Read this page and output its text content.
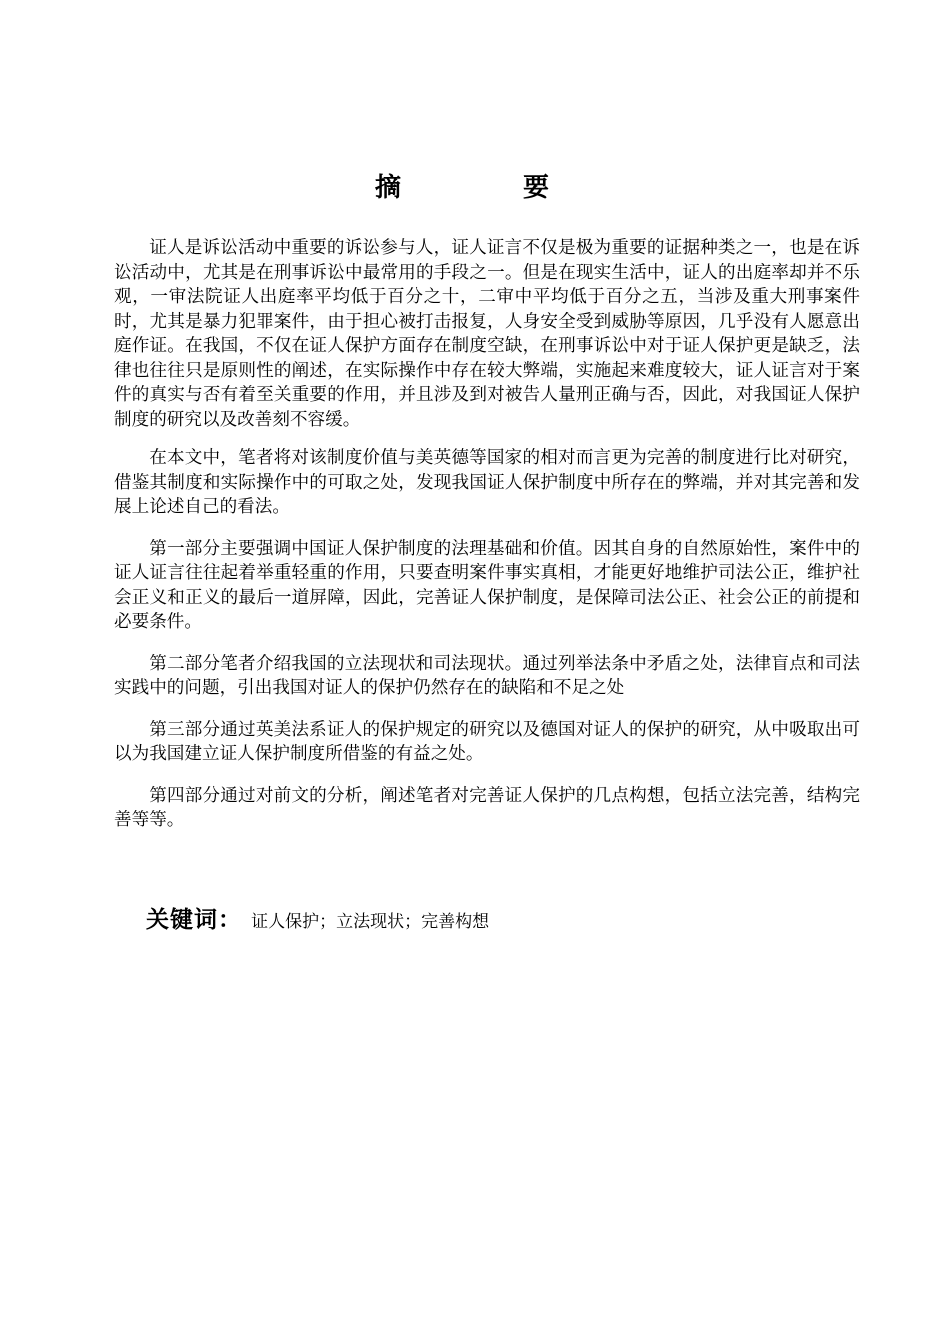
摘　要

证人是诉讼活动中重要的诉讼参与人，证人证言不仅是极为重要的证据种类之一，也是在诉讼活动中，尤其是在刑事诉讼中最常用的手段之一。但是在现实生活中，证人的出庭率却并不乐观，一审法院证人出庭率平均低于百分之十，二审中平均低于百分之五，当涉及重大刑事案件时，尤其是暴力犯罪案件，由于担心被打击报复，人身安全受到威胁等原因，几乎没有人愿意出庭作证。在我国，不仅在证人保护方面存在制度空缺，在刑事诉讼中对于证人保护更是缺乏，法律也往往只是原则性的阐述，在实际操作中存在较大弊端，实施起来难度较大，证人证言对于案件的真实与否有着至关重要的作用，并且涉及到对被告人量刑正确与否，因此，对我国证人保护制度的研究以及改善刻不容缓。

在本文中，笔者将对该制度价值与美英德等国家的相对而言更为完善的制度进行比对研究，借鉴其制度和实际操作中的可取之处，发现我国证人保护制度中所存在的弊端，并对其完善和发展上论述自己的看法。

第一部分主要强调中国证人保护制度的法理基础和价值。因其自身的自然原始性，案件中的证人证言往往起着举重轻重的作用，只要查明案件事实真相，才能更好地维护司法公正，维护社会正义和正义的最后一道屏障，因此，完善证人保护制度，是保障司法公正、社会公正的前提和必要条件。

第二部分笔者介绍我国的立法现状和司法现状。通过列举法条中矛盾之处，法律盲点和司法实践中的问题，引出我国对证人的保护仍然存在的缺陷和不足之处

第三部分通过英美法系证人的保护规定的研究以及德国对证人的保护的研究，从中吸取出可以为我国建立证人保护制度所借鉴的有益之处。

第四部分通过对前文的分析，阐述笔者对完善证人保护的几点构想，包括立法完善，结构完善等等。

关键词： 证人保护；立法现状；完善构想
